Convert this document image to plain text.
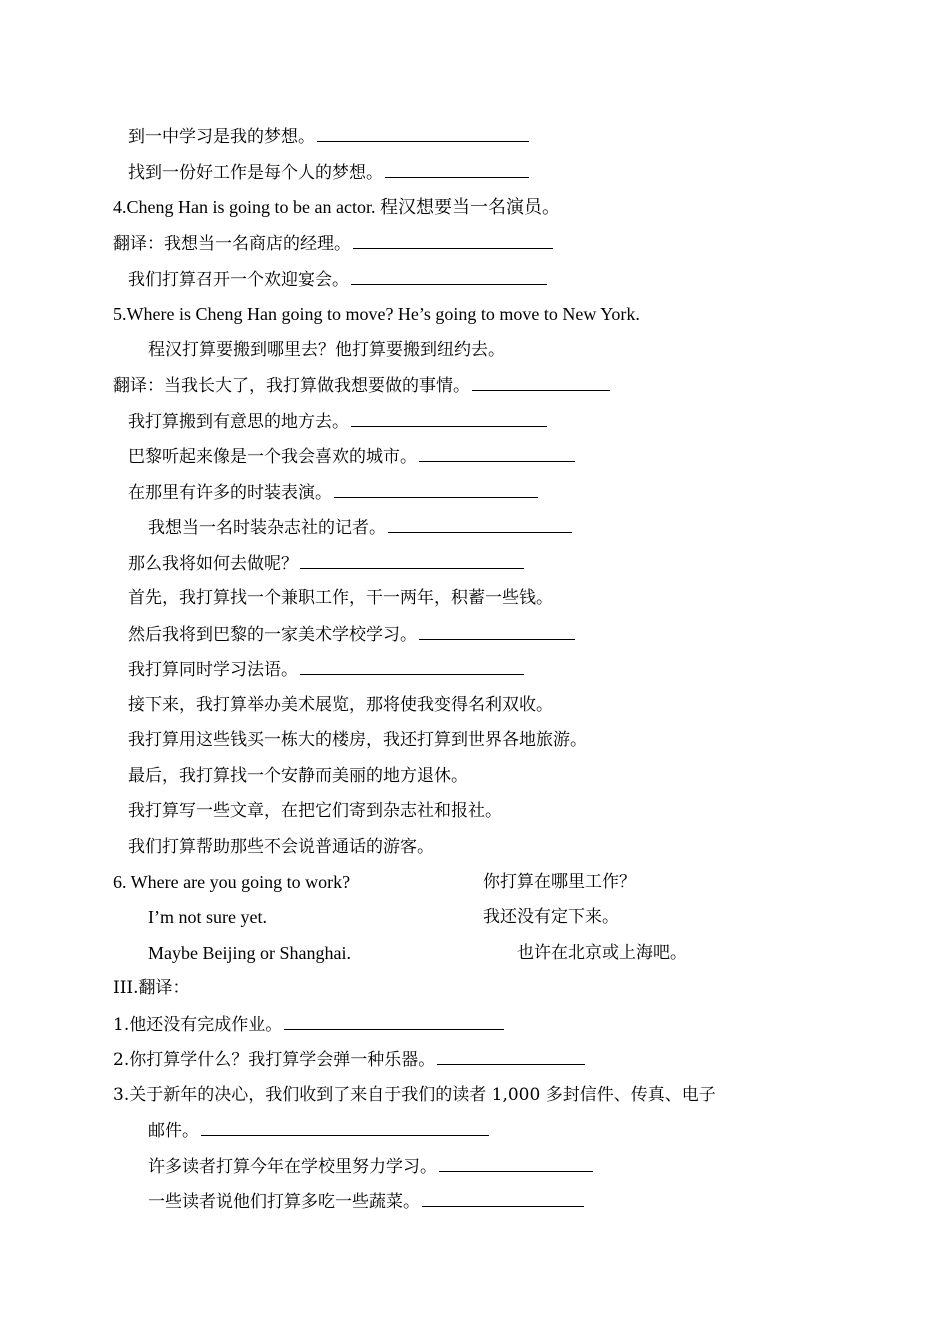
到一中学习是我的梦想。
找到一份好工作是每个人的梦想。
4.Cheng Han is going to be an actor. 程汉想要当一名演员。
翻译：我想当一名商店的经理。
我们打算召开一个欢迎宴会。
5.Where is Cheng Han going to move? He’s going to move to New York.
程汉打算要搬到哪里去？他打算要搬到纽约去。
翻译：当我长大了，我打算做我想要做的事情。
我打算搬到有意思的地方去。
巴黎听起来像是一个我会喜欢的城市。
在那里有许多的时装表演。
我想当一名时装杂志社的记者。
那么我将如何去做呢？
首先，我打算找一个兼职工作，干一两年，积蓄一些钱。
然后我将到巴黎的一家美术学校学习。
我打算同时学习法语。
接下来，我打算举办美术展览，那将使我变得名利双收。
我打算用这些钱买一栋大的楼房，我还打算到世界各地旅游。
最后，我打算找一个安静而美丽的地方退休。
我打算写一些文章，在把它们寄到杂志社和报社。
我们打算帮助那些不会说普通话的游客。
6. Where are you going to work?	你打算在哪里工作？
I’m not sure yet.	我还没有定下来。
Maybe Beijing or Shanghai.	也许在北京或上海吧。
III.翻译：
1.他还没有完成作业。
2.你打算学什么？我打算学会弹一种乐器。
3.关于新年的决心，我们收到了来自于我们的读者 1,000 多封信件、传真、电子
邮件。
许多读者打算今年在学校里努力学习。
一些读者说他们打算多吃一些蔬菜。
